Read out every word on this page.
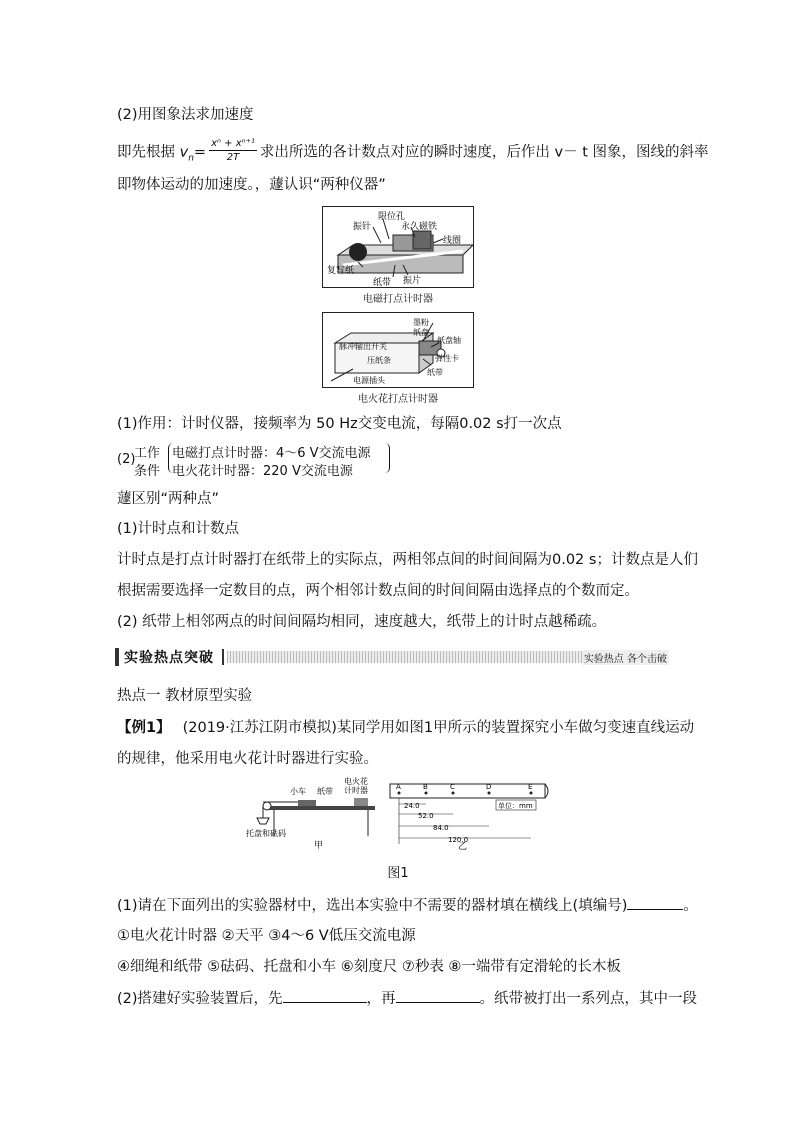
(2)用图象法求加速度
即先根据 $v_n= \frac{\text{xⁿ + xⁿ⁺¹}}{2T}$ 求出所选的各计数点对应的瞬时速度，后作出 v－ t 图象，图线的斜率
即物体运动的加速度。，蘧认识“两种仪器”
振针
限位孔
永久磁铁
线圈
复写纸
纸带 振片
电磁打点计时器
墨粉
纸盘
纸盘轴
脉冲输出开关
压纸条	弹性卡
纸带
电源插头
电火花打点计时器
(1)作用：计时仪器，接频率为 50 Hz交变电流，每隔0.02 s打一次点
(2)
工作
条件
电磁打点计时器：4～6 V交流电源
电火花计时器：220 V交流电源
蘧区别“两种点”
(1)计时点和计数点
计时点是打点计时器打在纸带上的实际点，两相邻点间的时间间隔为0.02 s；计数点是人们
根据需要选择一定数目的点，两个相邻计数点间的时间间隔由选择点的个数而定。
(2) 纸带上相邻两点的时间间隔均相同，速度越大，纸带上的计时点越稀疏。
实验热点突破	实验热点 各个击破
热点一 教材原型实验
【例1】 (2019·江苏江阴市模拟)某同学用如图1甲所示的装置探究小车做匀变速直线运动
的规律，他采用电火花计时器进行实验。
小车 纸带
电火花
计时器
托盘和砝码
甲
A	B	C	D	E
24.0
52.0
84.0
120.0
单位：mm
乙
图1
(1)请在下面列出的实验器材中，选出本实验中不需要的器材填在横线上(填编号)	。
①电火花计时器 ②天平 ③4～6 V低压交流电源
④细绳和纸带 ⑤砝码、托盘和小车 ⑥刻度尺 ⑦秒表 ⑧一端带有定滑轮的长木板
(2)搭建好实验装置后，先	，再	。纸带被打出一系列点，其中一段
